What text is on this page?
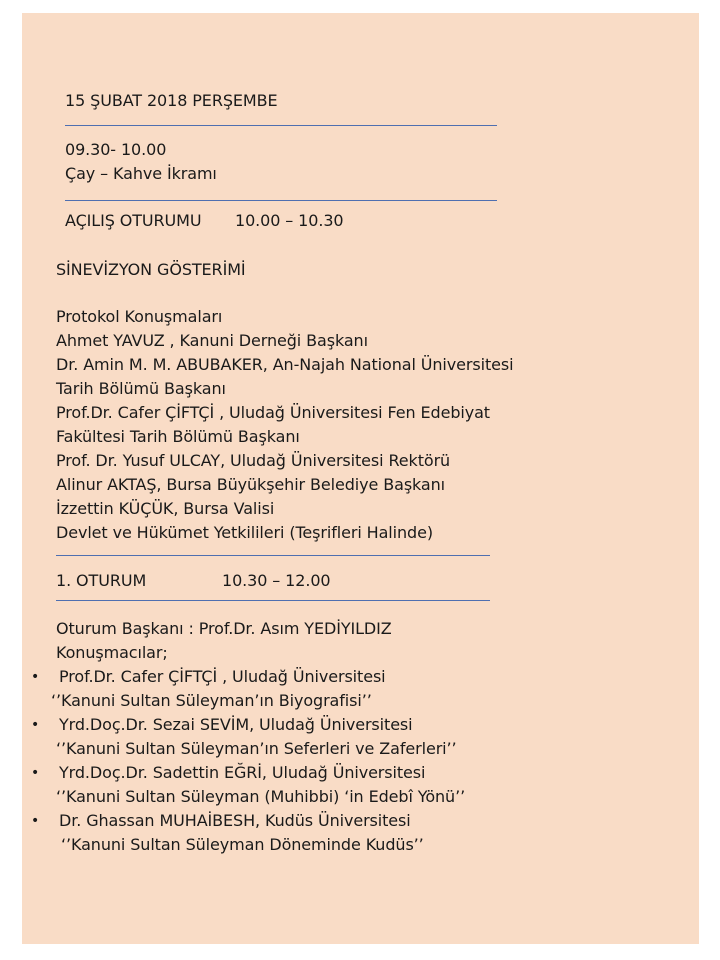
15 ŞUBAT 2018 PERŞEMBE
09.30- 10.00
Çay – Kahve İkramı
AÇILIŞ OTURUMU 10.00 – 10.30
SİNEVİZYON GÖSTERİMİ
Protokol Konuşmaları
Ahmet YAVUZ , Kanuni Derneği Başkanı
Dr. Amin M. M. ABUBAKER, An-Najah National Üniversitesi
Tarih Bölümü Başkanı
Prof.Dr. Cafer ÇİFTÇİ , Uludağ Üniversitesi Fen Edebiyat
Fakültesi Tarih Bölümü Başkanı
Prof. Dr. Yusuf ULCAY, Uludağ Üniversitesi Rektörü
Alinur AKTAŞ, Bursa Büyükşehir Belediye Başkanı
İzzettin KÜÇÜK, Bursa Valisi
Devlet ve Hükümet Yetkilileri (Teşrifleri Halinde)
1. OTURUM	10.30 – 12.00
Oturum Başkanı : Prof.Dr. Asım YEDİYILDIZ
Konuşmacılar;
• Prof.Dr. Cafer ÇİFTÇİ , Uludağ Üniversitesi
‘’Kanuni Sultan Süleyman’ın Biyografisi’’
• Yrd.Doç.Dr. Sezai SEVİM, Uludağ Üniversitesi
‘’Kanuni Sultan Süleyman’ın Seferleri ve Zaferleri’’
• Yrd.Doç.Dr. Sadettin EĞRİ, Uludağ Üniversitesi
‘’Kanuni Sultan Süleyman (Muhibbi) ‘in Edebî Yönü’’
• Dr. Ghassan MUHAİBESH, Kudüs Üniversitesi
‘’Kanuni Sultan Süleyman Döneminde Kudüs’’
